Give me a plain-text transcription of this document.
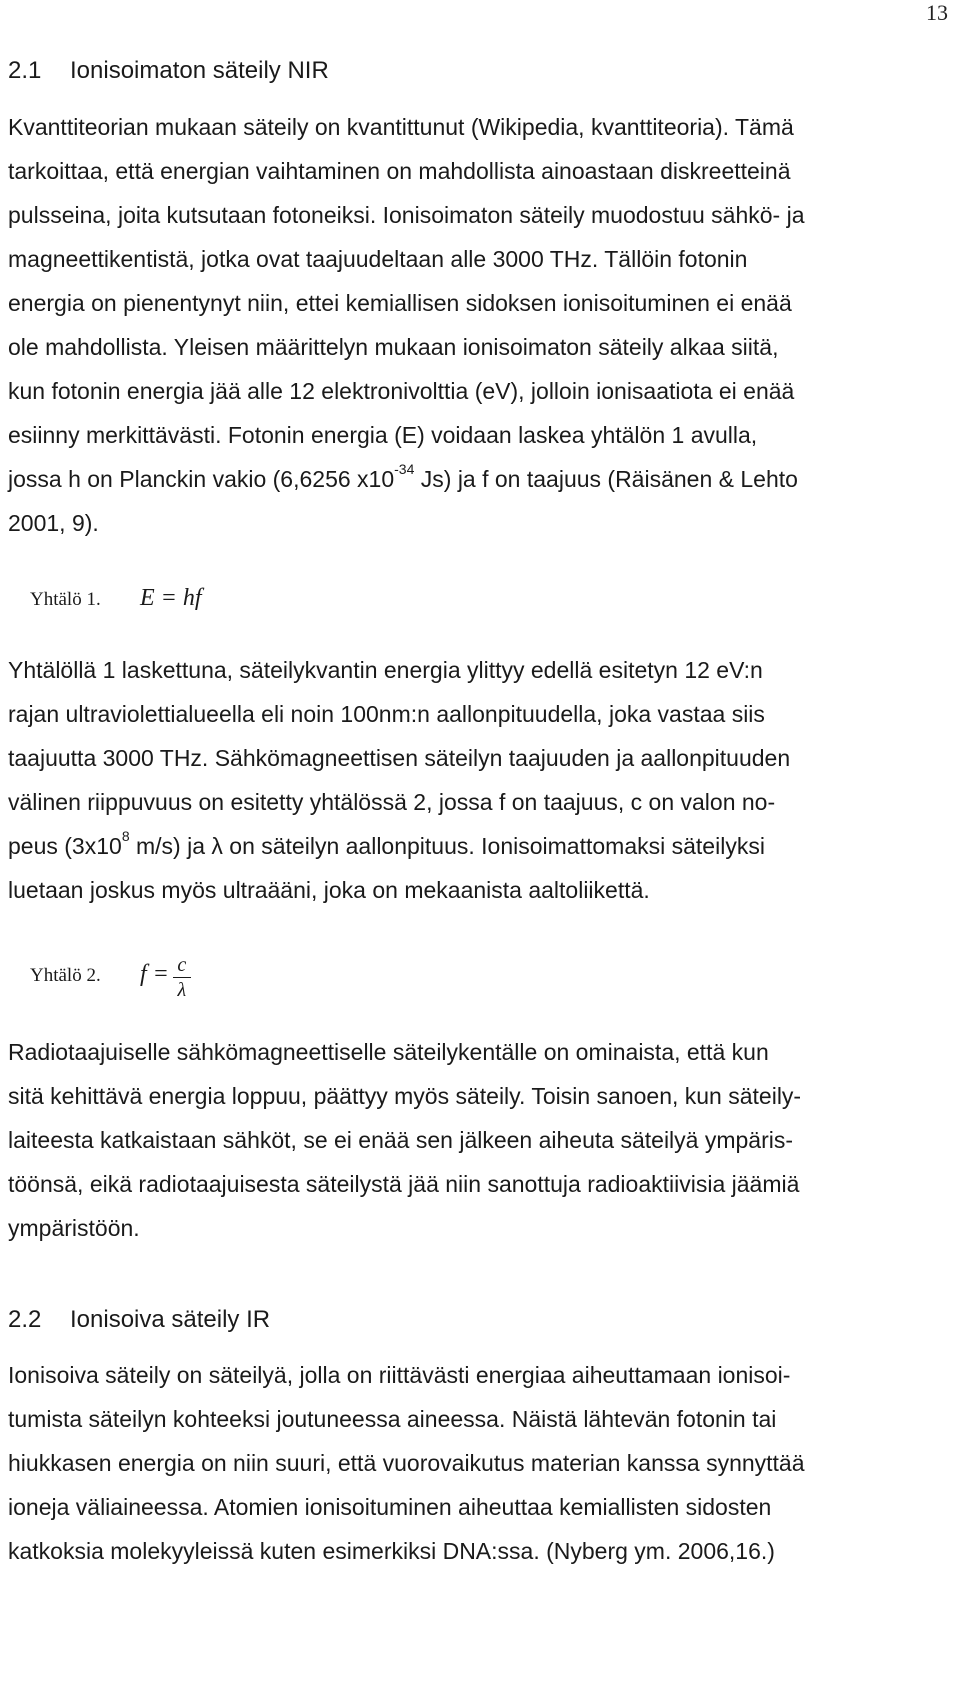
13
2.1 Ionisoimaton säteily NIR

Kvanttiteorian mukaan säteily on kvantittunut (Wikipedia, kvanttiteoria). Tämä

tarkoittaa, että energian vaihtaminen on mahdollista ainoastaan diskreetteinä

pulsseina, joita kutsutaan fotoneiksi. Ionisoimaton säteily muodostuu sähkö- ja

magneettikentistä, jotka ovat taajuudeltaan alle 3000 THz. Tällöin fotonin

energia on pienentynyt niin, ettei kemiallisen sidoksen ionisoituminen ei enää

ole mahdollista. Yleisen määrittelyn mukaan ionisoimaton säteily alkaa siitä,

kun fotonin energia jää alle 12 elektronivolttia (eV), jolloin ionisaatiota ei enää

esiinny merkittävästi. Fotonin energia (E) voidaan laskea yhtälön 1 avulla,

jossa h on Planckin vakio (6,6256 $x10^{-34}$ Js) ja f on taajuus (Räisänen & Lehto

2001, 9).

Yhtälö 1. E = hf

Yhtälöllä 1 laskettuna, säteilykvantin energia ylittyy edellä esitetyn 12 eV:n

rajan ultraviolettialueella eli noin 100nm:n aallonpituudella, joka vastaa siis

taajuutta 3000 THz. Sähkömagneettisen säteilyn taajuuden ja aallonpituuden

välinen riippuvuus on esitetty yhtälössä 2, jossa f on taajuus, c on valon no-

peus ($3x10^8$ m/s) ja λ on säteilyn aallonpituus. Ionisoimattomaksi säteilyksi

luetaan joskus myös ultraääni, joka on mekaanista aaltoliikettä.

Yhtälö 2. $f = \frac{c}{\lambda}$

Radiotaajuiselle sähkömagneettiselle säteilykentälle on ominaista, että kun

sitä kehittävä energia loppuu, päättyy myös säteily. Toisin sanoen, kun säteily-

laiteesta katkaistaan sähköt, se ei enää sen jälkeen aiheuta säteilyä ympäris-

töönsä, eikä radiotaajuisesta säteilystä jää niin sanottuja radioaktiivisia jäämiä

ympäristöön.

2.2 Ionisoiva säteily IR

Ionisoiva säteily on säteilyä, jolla on riittävästi energiaa aiheuttamaan ionisoi-

tumista säteilyn kohteeksi joutuneessa aineessa. Näistä lähtevän fotonin tai

hiukkasen energia on niin suuri, että vuorovaikutus materian kanssa synnyttää

ioneja väliaineessa. Atomien ionisoituminen aiheuttaa kemiallisten sidosten

katkoksia molekyyleissä kuten esimerkiksi DNA:ssa. (Nyberg ym. 2006,16.)
